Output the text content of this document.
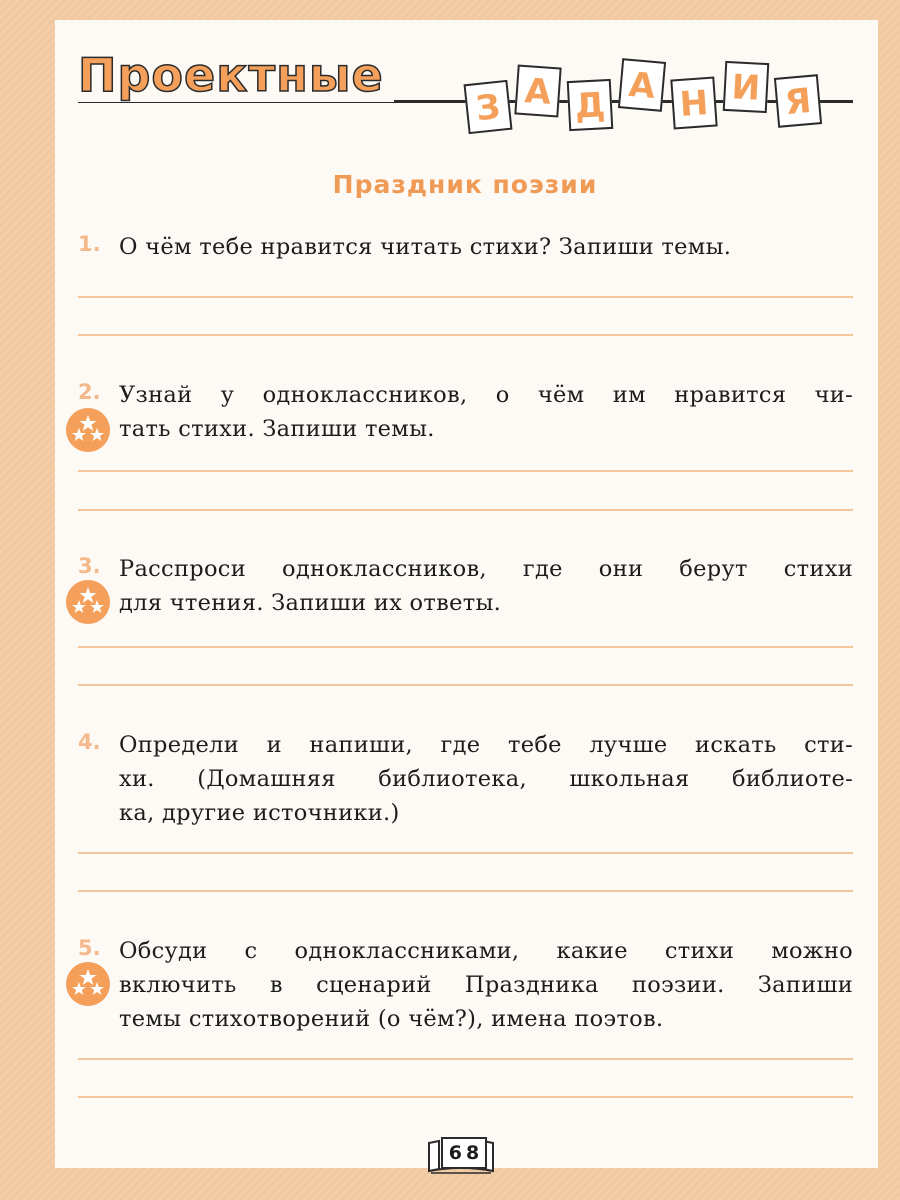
Проектные
З А Д А Н И Я
Праздник поэзии
1. О чём тебе нравится читать стихи? Запиши темы.
2. Узнай у одноклассников, о чём им нравится чи-
тать стихи. Запиши темы.
3. Расспроси одноклассников, где они берут стихи
для чтения. Запиши их ответы.
4. Определи и напиши, где тебе лучше искать сти-
хи. (Домашняя библиотека, школьная библиоте-
ка, другие источники.)
5. Обсуди с одноклассниками, какие стихи можно
включить в сценарий Праздника поэзии. Запиши
темы стихотворений (о чём?), имена поэтов.
6 8
